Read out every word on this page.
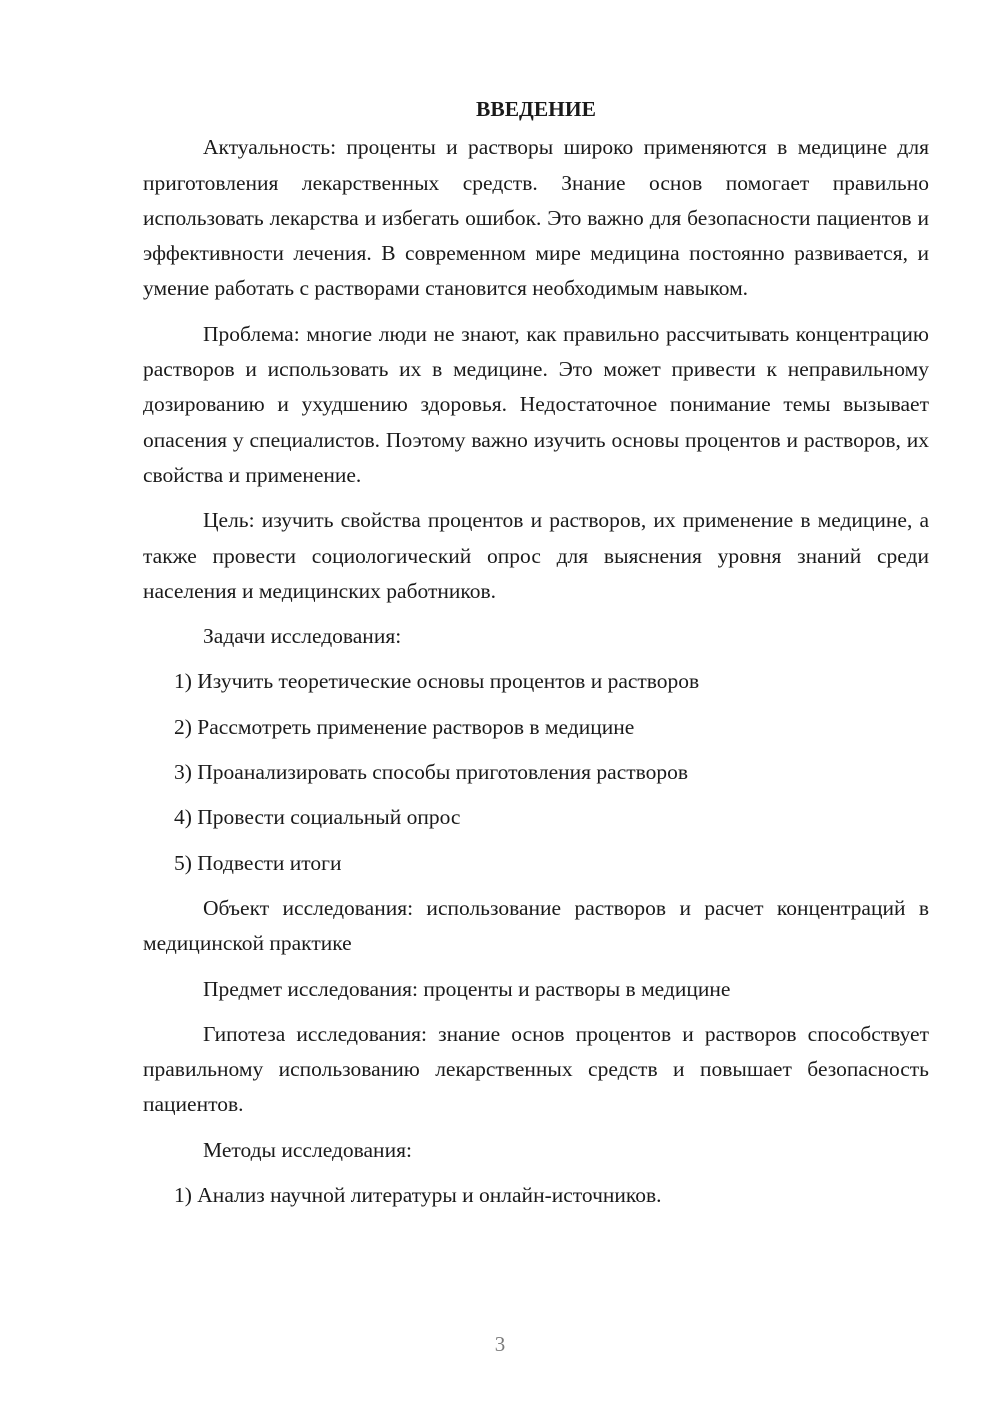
ВВЕДЕНИЕ

Актуальность: проценты и растворы широко применяются в медицине для приготовления лекарственных средств. Знание основ помогает правильно использовать лекарства и избегать ошибок. Это важно для безопасности пациентов и эффективности лечения. В современном мире медицина постоянно развивается, и умение работать с растворами становится необходимым навыком.

Проблема: многие люди не знают, как правильно рассчитывать концентрацию растворов и использовать их в медицине. Это может привести к неправильному дозированию и ухудшению здоровья. Недостаточное понимание темы вызывает опасения у специалистов. Поэтому важно изучить основы процентов и растворов, их свойства и применение.

Цель: изучить свойства процентов и растворов, их применение в медицине, а также провести социологический опрос для выяснения уровня знаний среди населения и медицинских работников.

Задачи исследования:

1) Изучить теоретические основы процентов и растворов
2) Рассмотреть применение растворов в медицине
3) Проанализировать способы приготовления растворов
4) Провести социальный опрос
5) Подвести итоги

Объект исследования: использование растворов и расчет концентраций в медицинской практике

Предмет исследования: проценты и растворы в медицине

Гипотеза исследования: знание основ процентов и растворов способствует правильному использованию лекарственных средств и повышает безопасность пациентов.

Методы исследования:

1) Анализ научной литературы и онлайн-источников.
3
